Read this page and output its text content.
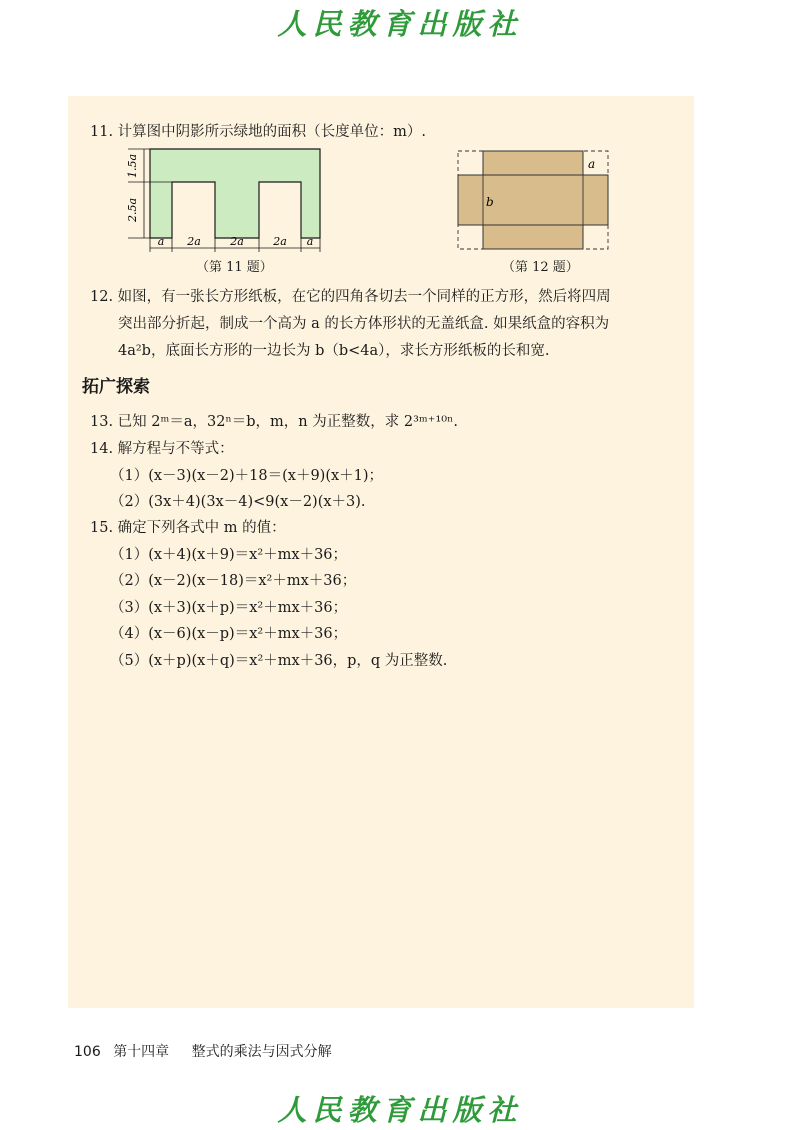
人民教育出版社
11. 计算图中阴影所示绿地的面积（长度单位：m）.
1.5a
2.5a
a 2a	2a	2a a
（第 11 题）
a
b
（第 12 题）
12. 如图，有一张长方形纸板，在它的四角各切去一个同样的正方形，然后将四周
突出部分折起，制成一个高为 a 的长方体形状的无盖纸盒. 如果纸盒的容积为
4a²b，底面长方形的一边长为 b（b<4a），求长方形纸板的长和宽.
拓广探索
13. 已知 2ᵐ＝a，32ⁿ＝b，m，n 为正整数，求 2³ᵐ⁺¹⁰ⁿ.
14. 解方程与不等式：
（1）(x－3)(x－2)＋18＝(x＋9)(x＋1)；
（2）(3x＋4)(3x－4)<9(x－2)(x＋3).
15. 确定下列各式中 m 的值：
（1）(x＋4)(x＋9)＝x²＋mx＋36；
（2）(x－2)(x－18)＝x²＋mx＋36；
（3）(x＋3)(x＋p)＝x²＋mx＋36；
（4）(x－6)(x－p)＝x²＋mx＋36；
（5）(x＋p)(x＋q)＝x²＋mx＋36，p，q 为正整数.
106 第十四章 整式的乘法与因式分解
人民教育出版社
